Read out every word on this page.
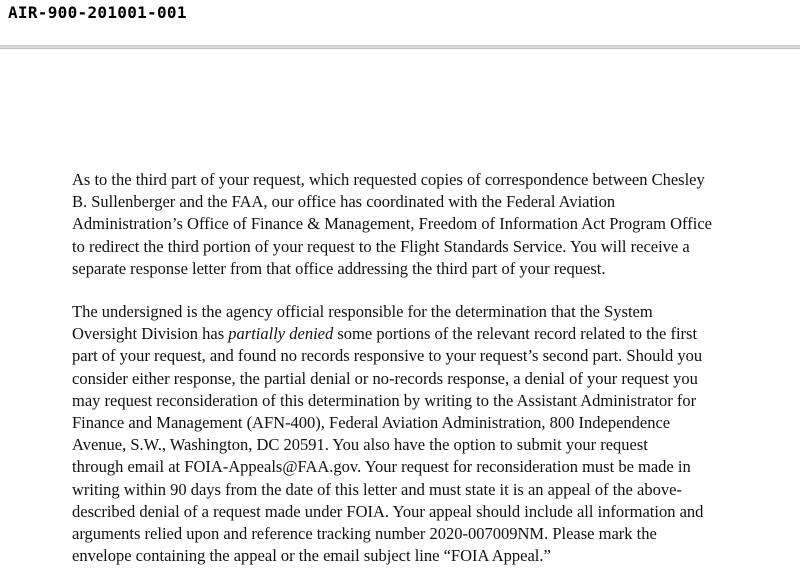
AIR-900-201001-001

As to the third part of your request, which requested copies of correspondence between Chesley
B. Sullenberger and the FAA, our office has coordinated with the Federal Aviation
Administration’s Office of Finance & Management, Freedom of Information Act Program Office
to redirect the third portion of your request to the Flight Standards Service. You will receive a
separate response letter from that office addressing the third part of your request.

The undersigned is the agency official responsible for the determination that the System
Oversight Division has partially denied some portions of the relevant record related to the first
part of your request, and found no records responsive to your request’s second part. Should you
consider either response, the partial denial or no-records response, a denial of your request you
may request reconsideration of this determination by writing to the Assistant Administrator for
Finance and Management (AFN-400), Federal Aviation Administration, 800 Independence
Avenue, S.W., Washington, DC 20591. You also have the option to submit your request
through email at FOIA-Appeals@FAA.gov. Your request for reconsideration must be made in
writing within 90 days from the date of this letter and must state it is an appeal of the above-
described denial of a request made under FOIA. Your appeal should include all information and
arguments relied upon and reference tracking number 2020-007009NM. Please mark the
envelope containing the appeal or the email subject line “FOIA Appeal.”
